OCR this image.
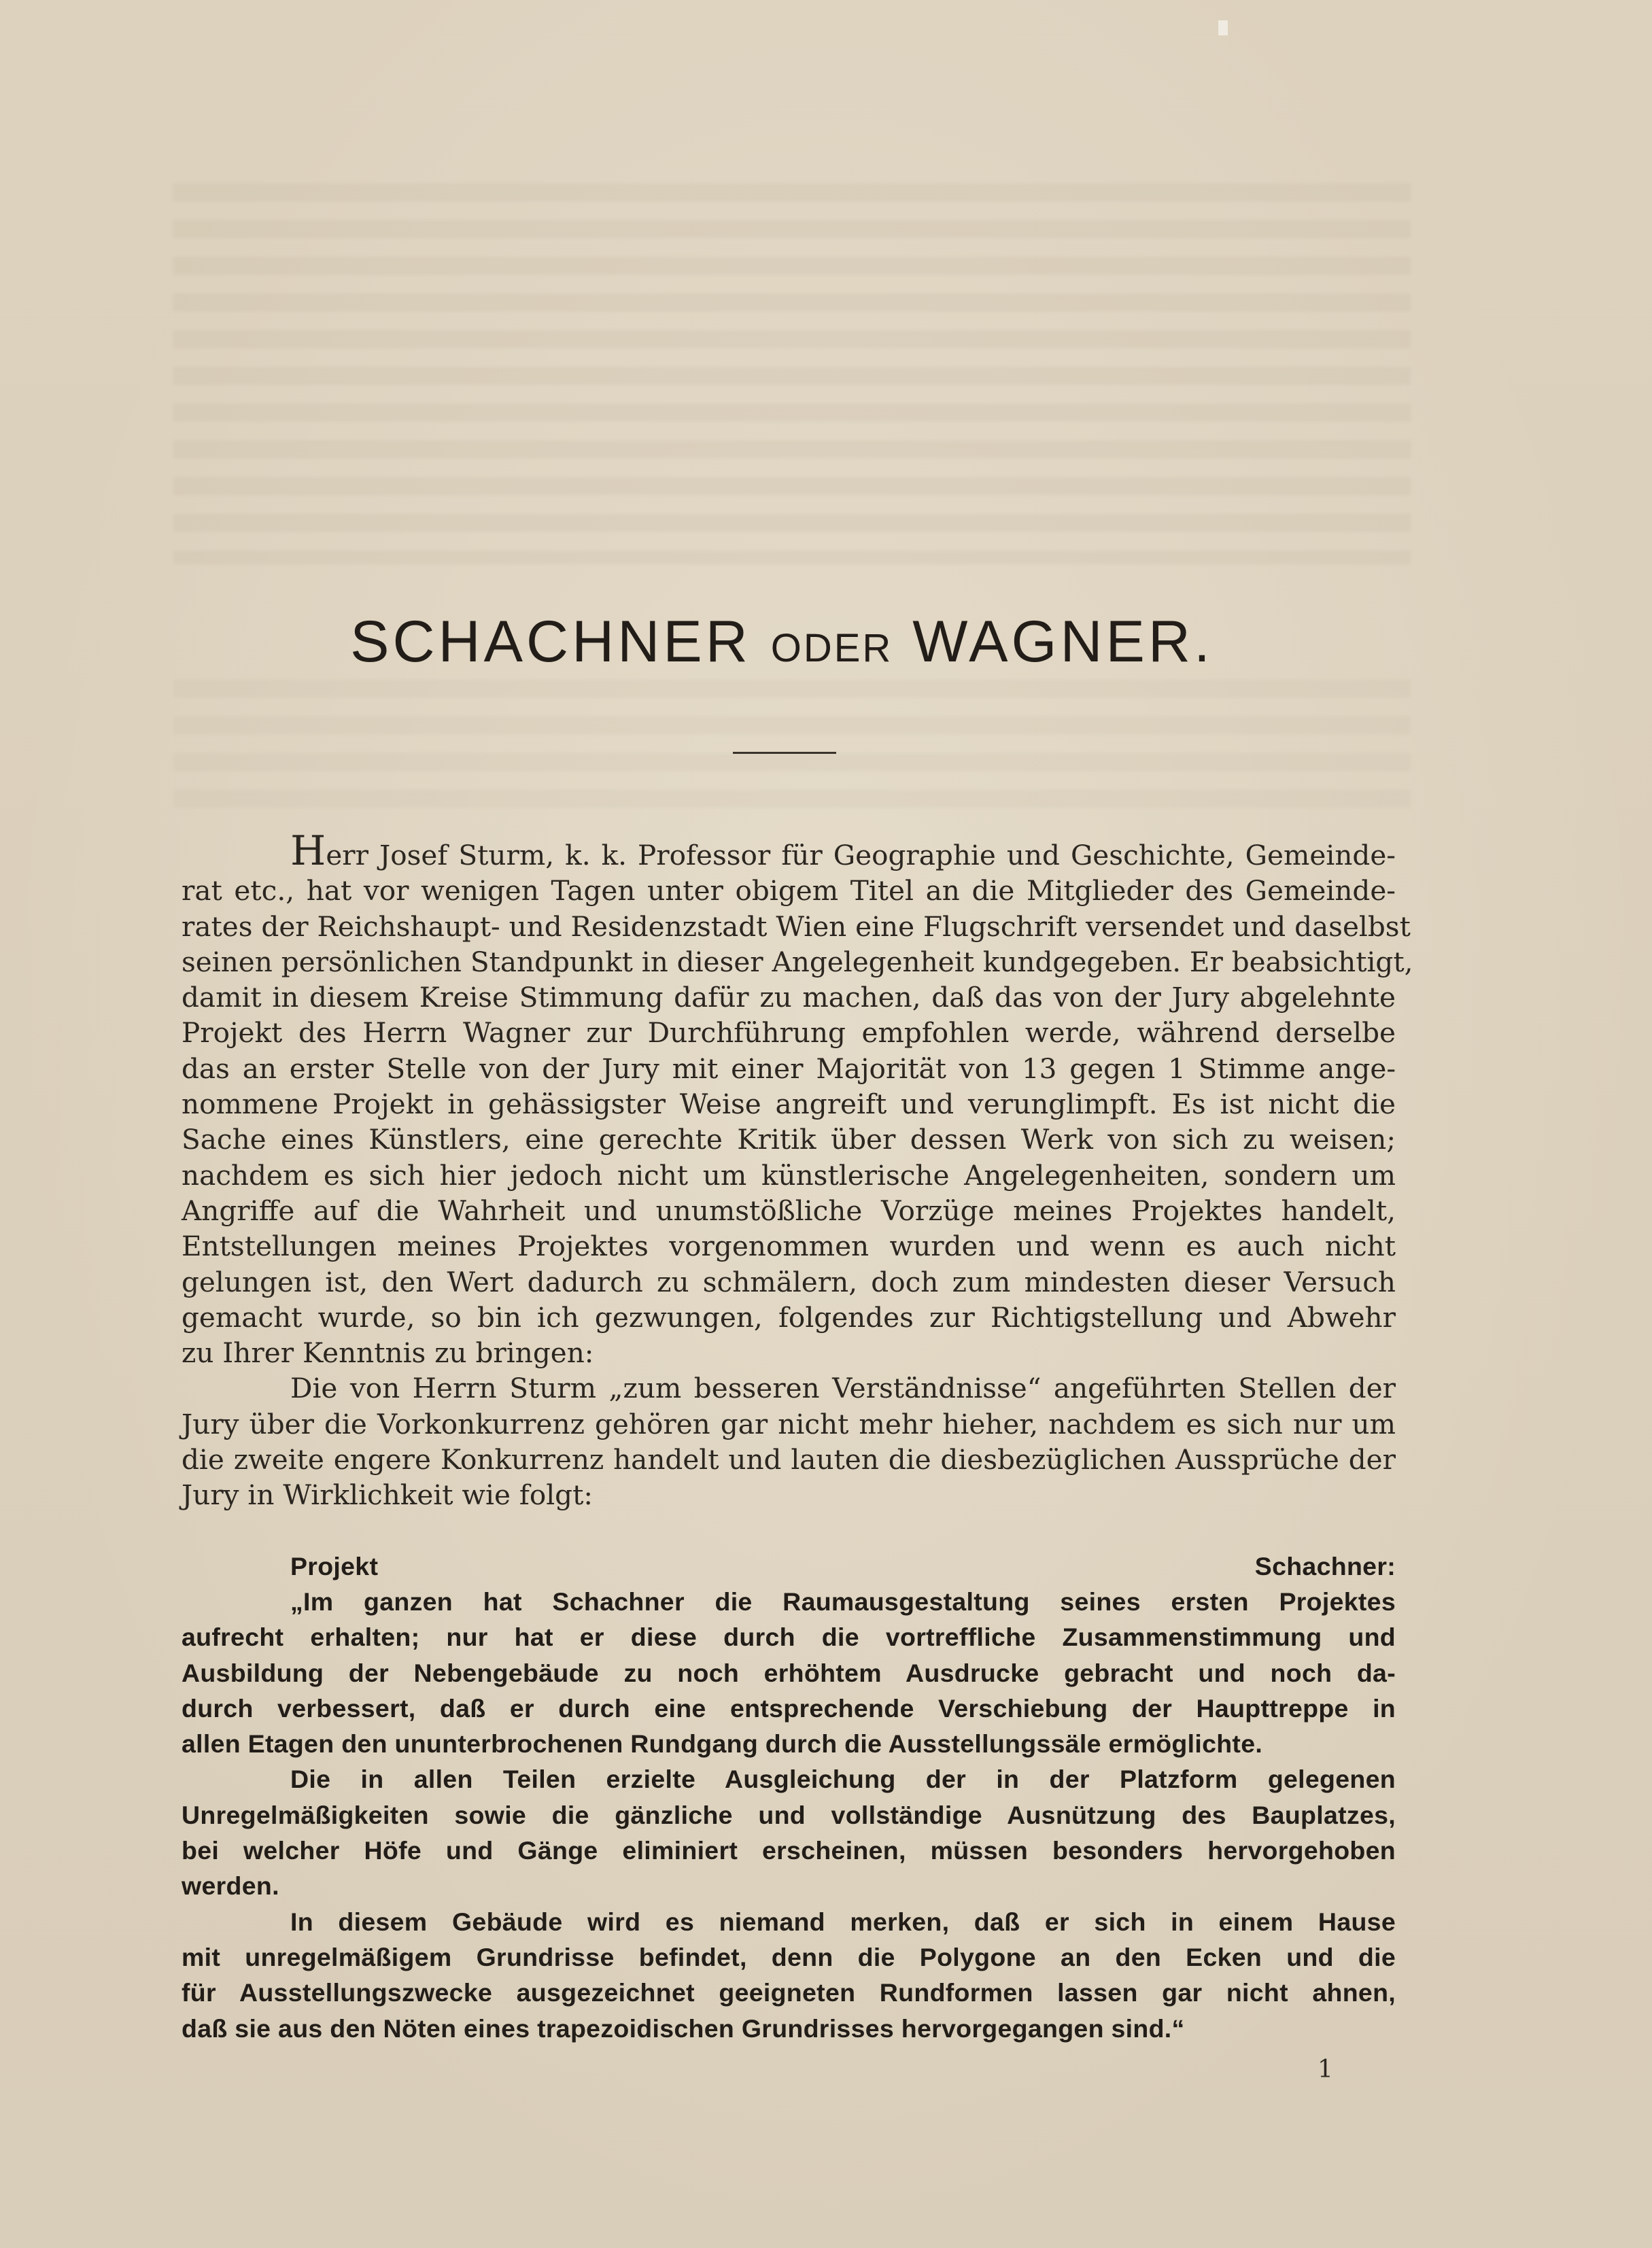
SCHACHNER ODER WAGNER.
Herr Josef Sturm, k. k. Professor für Geographie und Geschichte, Gemeinde-
rat etc., hat vor wenigen Tagen unter obigem Titel an die Mitglieder des Gemeinde-
rates der Reichshaupt- und Residenzstadt Wien eine Flugschrift versendet und daselbst
seinen persönlichen Standpunkt in dieser Angelegenheit kundgegeben. Er beabsichtigt,
damit in diesem Kreise Stimmung dafür zu machen, daß das von der Jury abgelehnte
Projekt des Herrn Wagner zur Durchführung empfohlen werde, während derselbe
das an erster Stelle von der Jury mit einer Majorität von 13 gegen 1 Stimme ange-
nommene Projekt in gehässigster Weise angreift und verunglimpft. Es ist nicht die
Sache eines Künstlers, eine gerechte Kritik über dessen Werk von sich zu weisen;
nachdem es sich hier jedoch nicht um künstlerische Angelegenheiten, sondern um
Angriffe auf die Wahrheit und unumstößliche Vorzüge meines Projektes handelt,
Entstellungen meines Projektes vorgenommen wurden und wenn es auch nicht
gelungen ist, den Wert dadurch zu schmälern, doch zum mindesten dieser Versuch
gemacht wurde, so bin ich gezwungen, folgendes zur Richtigstellung und Abwehr
zu Ihrer Kenntnis zu bringen:
Die von Herrn Sturm „zum besseren Verständnisse“ angeführten Stellen der
Jury über die Vorkonkurrenz gehören gar nicht mehr hieher, nachdem es sich nur um
die zweite engere Konkurrenz handelt und lauten die diesbezüglichen Aussprüche der
Jury in Wirklichkeit wie folgt:
Projekt Schachner:
„Im ganzen hat Schachner die Raumausgestaltung seines ersten Projektes
aufrecht erhalten; nur hat er diese durch die vortreffliche Zusammenstimmung und
Ausbildung der Nebengebäude zu noch erhöhtem Ausdrucke gebracht und noch da-
durch verbessert, daß er durch eine entsprechende Verschiebung der Haupttreppe in
allen Etagen den ununterbrochenen Rundgang durch die Ausstellungssäle ermöglichte.
Die in allen Teilen erzielte Ausgleichung der in der Platzform gelegenen
Unregelmäßigkeiten sowie die gänzliche und vollständige Ausnützung des Bauplatzes,
bei welcher Höfe und Gänge eliminiert erscheinen, müssen besonders hervorgehoben
werden.
In diesem Gebäude wird es niemand merken, daß er sich in einem Hause
mit unregelmäßigem Grundrisse befindet, denn die Polygone an den Ecken und die
für Ausstellungszwecke ausgezeichnet geeigneten Rundformen lassen gar nicht ahnen,
daß sie aus den Nöten eines trapezoidischen Grundrisses hervorgegangen sind.“
1
